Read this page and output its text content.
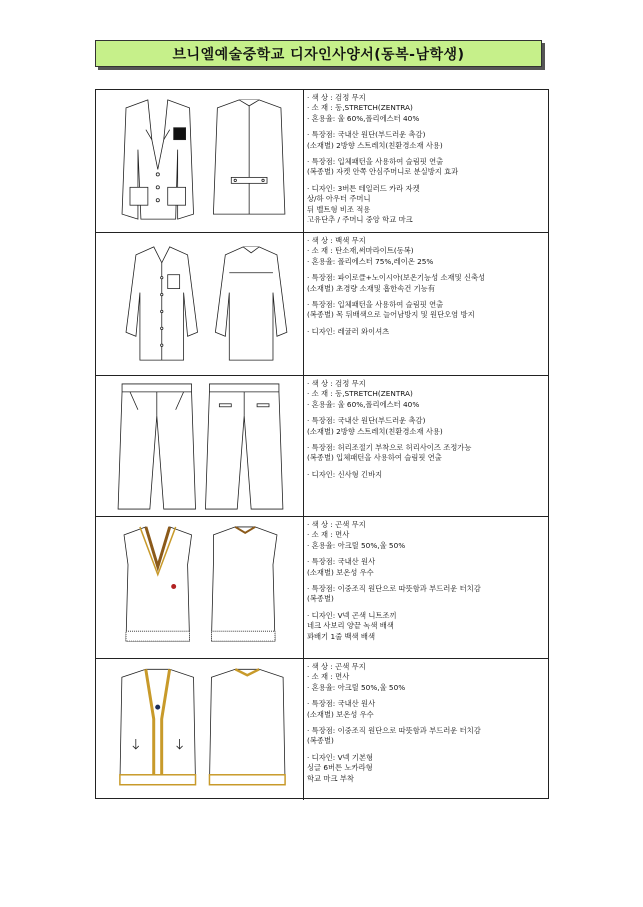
브니엘예술중학교 디자인사양서(동복-남학생)
· 색 상 : 검정 무지
· 소 재 : 동,STRETCH(ZENTRA)
· 혼용율: 울 60%,폴리에스터 40%
· 특장점: 국내산 원단(부드러운 촉감)
(소재별) 2방향 스트레치(친환경소재 사용)
· 특장점: 입체패턴을 사용하여 슬림핏 연출
(복종별) 자켓 안쪽 안심주머니로 분실방지 효과
· 디자인: 3버튼 테일러드 카라 자켓
상/하 아우터 주머니
뒤 벨트형 비조 적용
고유단추 / 주머니 중앙 학교 마크
· 색 상 : 백색 무지
· 소 재 : 탄소재,써마라이트(동복)
· 혼용율: 폴리에스터 75%,레이온 25%
· 특장점: 파이로클+노이시아(보온기능성 소재및 신축성
(소재별) 초경량 소재및 흡한속건 기능有
· 특장점: 입체패턴을 사용하여 슬림핏 연출
(복종별) 목 뒤배색으로 늘어남방지 및 원단오염 방지
· 디자인: 레귤러 와이셔츠
· 색 상 : 검정 무지
· 소 재 : 동,STRETCH(ZENTRA)
· 혼용율: 울 60%,폴리에스터 40%
· 특장점: 국내산 원단(부드러운 촉감)
(소재별) 2방향 스트레치(친환경소재 사용)
· 특장점: 허리조절기 부착으로 허리사이즈 조정가능
(복종별) 입체패턴을 사용하여 슬림핏 연출
· 디자인: 신사형 긴바지
· 색 상 : 곤색 무지
· 소 재 : 면사
· 혼용율: 아크릴 50%,울 50%
· 특장점: 국내산 원사
(소재별) 보온성 우수
· 특장점: 이중조직 원단으로 따뜻함과 부드러운 터치감
(복종별)
· 디자인: V넥 곤색 니트조끼
네크 사보리 양끝 녹색 배색
꽈배기 1줄 백색 배색
· 색 상 : 곤색 무지
· 소 재 : 면사
· 혼용율: 아크릴 50%,울 50%
· 특장점: 국내산 원사
(소재별) 보온성 우수
· 특장점: 이중조직 원단으로 따뜻함과 부드러운 터치감
(복종별)
· 디자인: V넥 기본형
싱글 6버튼 노카라형
학교 마크 부착
